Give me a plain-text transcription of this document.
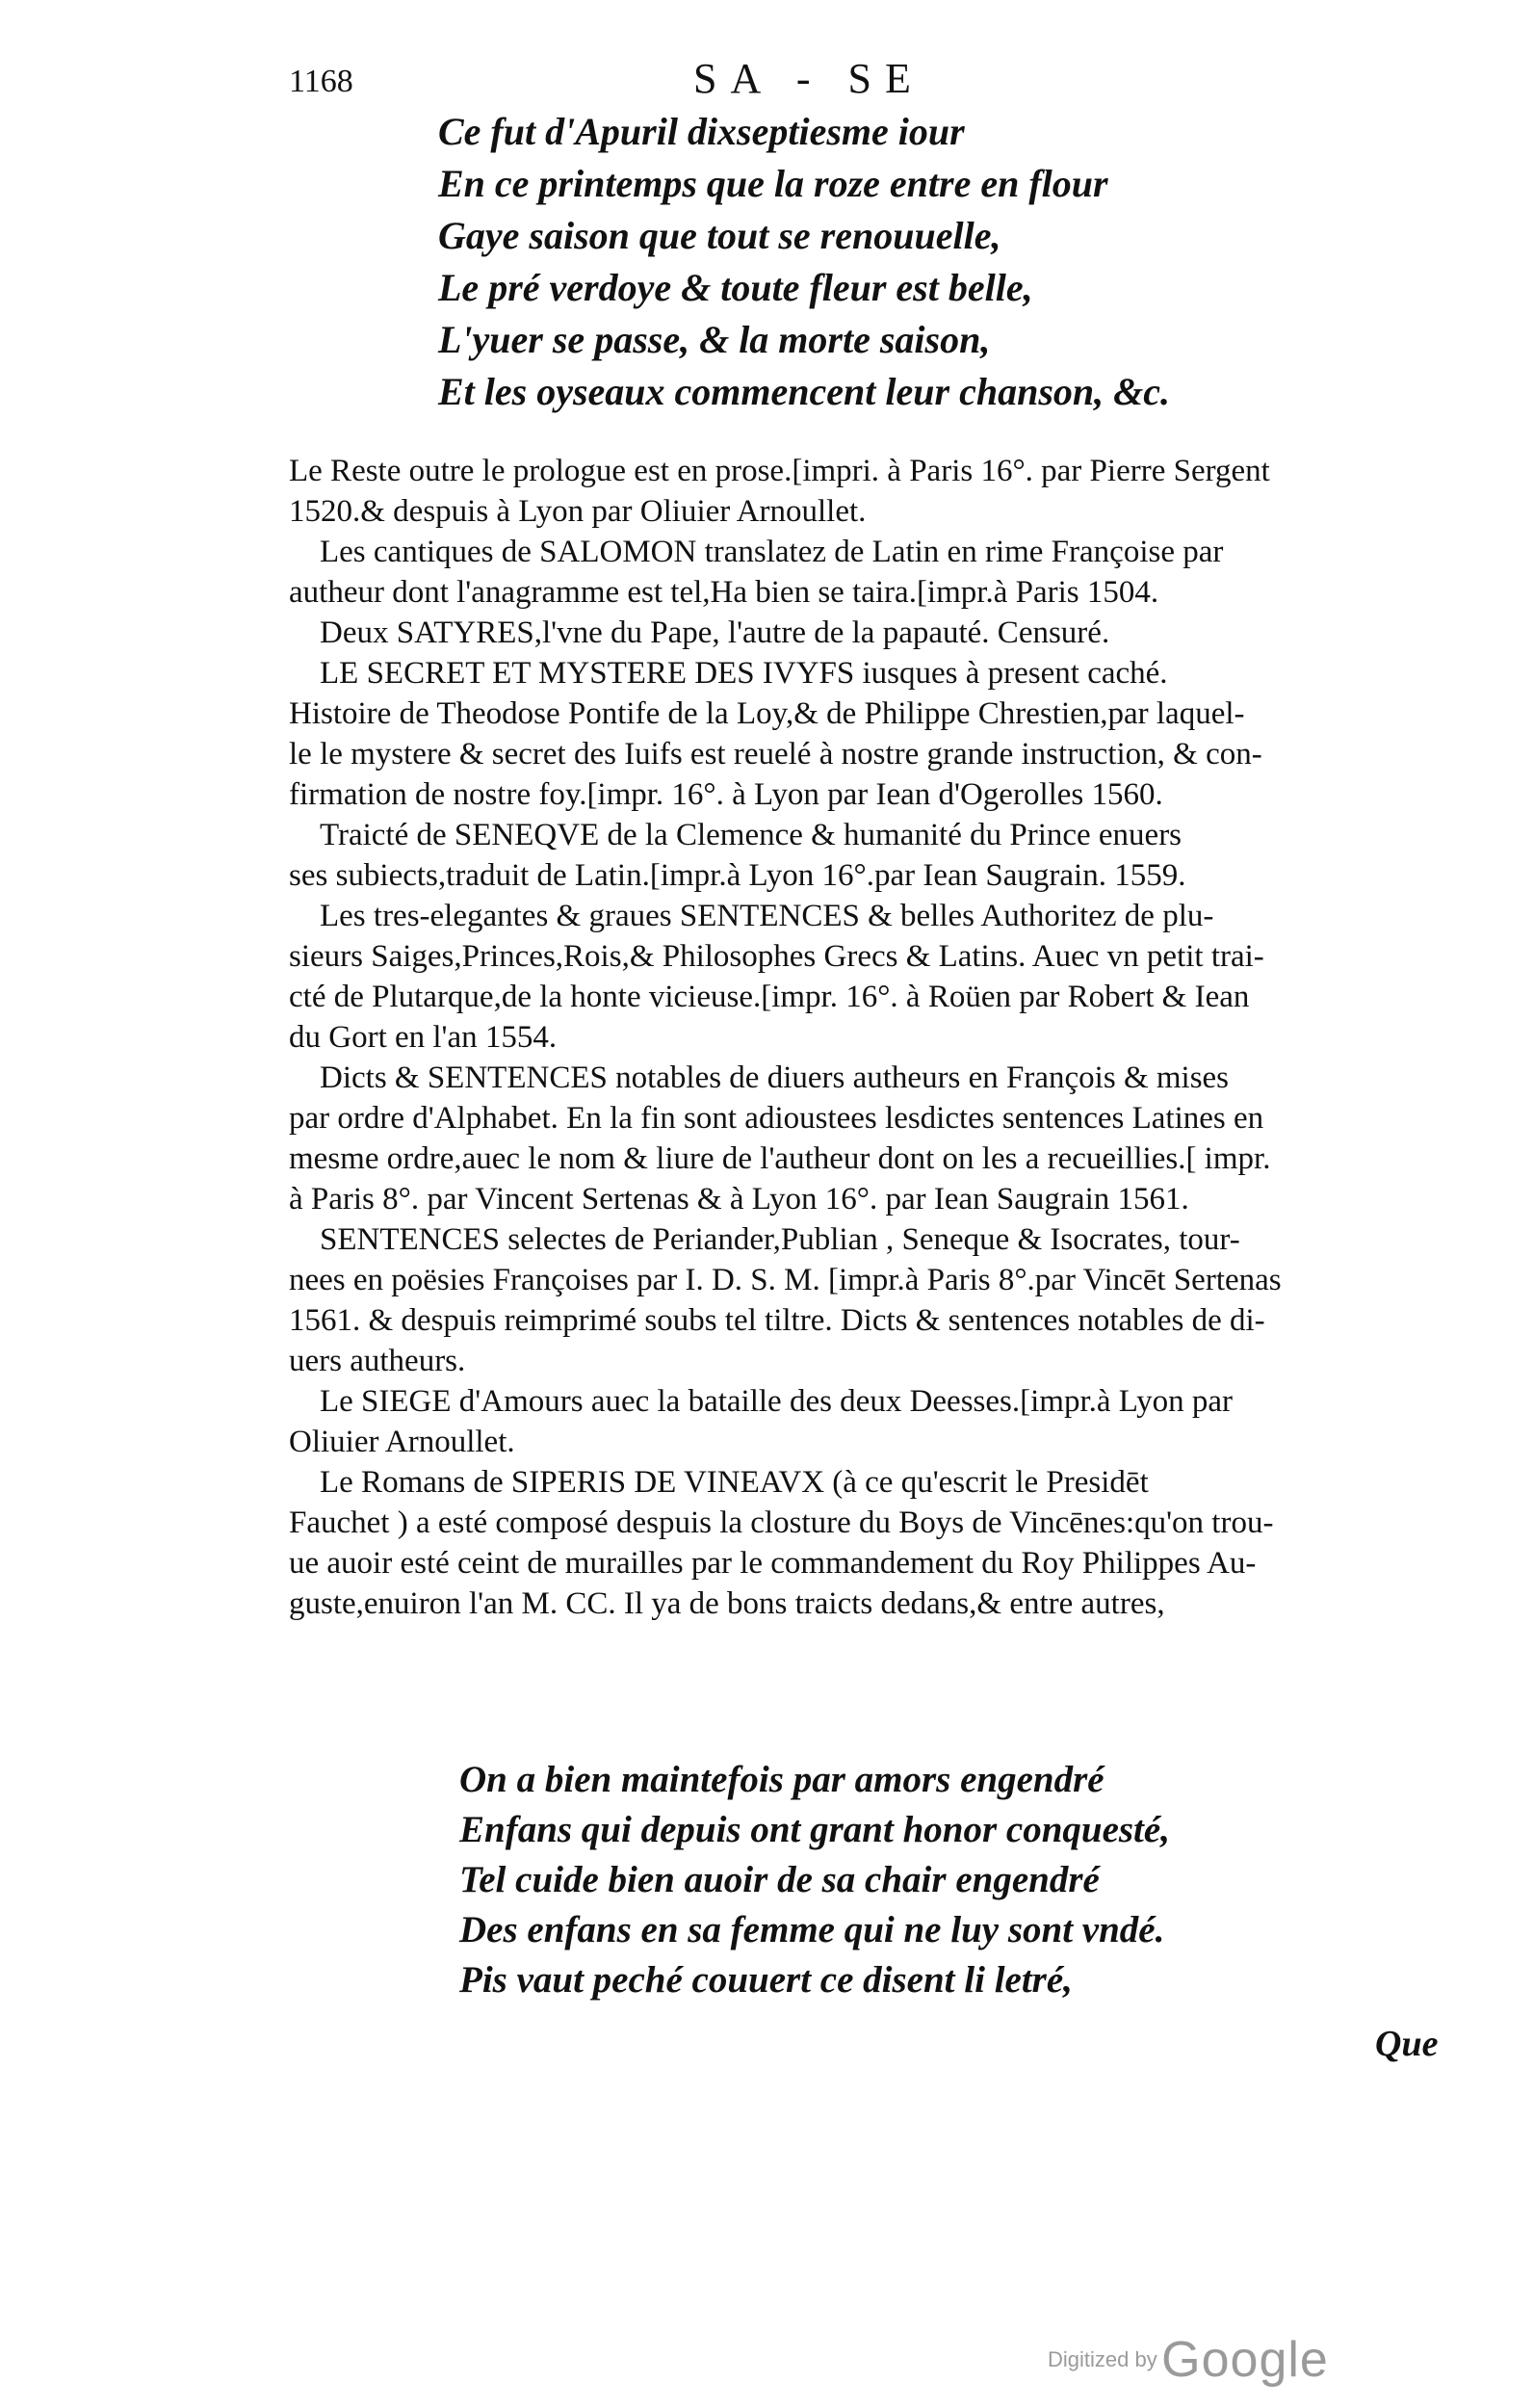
1168	SA - SE
Ce fut d'Apuril dixseptiesme iour
En ce printemps que la roze entre en flour
Gaye saison que tout se renouuelle,
Le pré verdoye & toute fleur est belle,
L'yuer se passe, & la morte saison,
Et les oyseaux commencent leur chanson, &c.

Le Reste outre le prologue est en prose.[impri. à Paris 16°. par Pierre Sergent
1520.& despuis à Lyon par Oliuier Arnoullet.

Les cantiques de SALOMON translatez de Latin en rime Françoise par
autheur dont l'anagramme est tel,Ha bien se taira.[impr.à Paris 1504.

Deux SATYRES,l'vne du Pape, l'autre de la papauté. Censuré.

LE SECRET ET MYSTERE DES IVYFS iusques à present caché.
Histoire de Theodose Pontife de la Loy,& de Philippe Chrestien,par laquel-
le le mystere & secret des Iuifs est reuelé à nostre grande instruction, & con-
firmation de nostre foy.[impr. 16°. à Lyon par Iean d'Ogerolles 1560.

Traicté de SENEQVE de la Clemence & humanité du Prince enuers
ses subiects,traduit de Latin.[impr.à Lyon 16°.par Iean Saugrain. 1559.

Les tres-elegantes & graues SENTENCES & belles Authoritez de plu-
sieurs Saiges,Princes,Rois,& Philosophes Grecs & Latins. Auec vn petit trai-
cté de Plutarque,de la honte vicieuse.[impr. 16°. à Roüen par Robert & Iean
du Gort en l'an 1554.

Dicts & SENTENCES notables de diuers autheurs en François & mises
par ordre d'Alphabet. En la fin sont adioustees lesdictes sentences Latines en
mesme ordre,auec le nom & liure de l'autheur dont on les a recueillies.[ impr.
à Paris 8°. par Vincent Sertenas & à Lyon 16°. par Iean Saugrain 1561.

SENTENCES selectes de Periander,Publian , Seneque & Isocrates, tour-
nees en poësies Françoises par I. D. S. M. [impr.à Paris 8°.par Vincēt Sertenas
1561. & despuis reimprimé soubs tel tiltre. Dicts & sentences notables de di-
uers autheurs.

Le SIEGE d'Amours auec la bataille des deux Deesses.[impr.à Lyon par
Oliuier Arnoullet.

Le Romans de SIPERIS DE VINEAVX (à ce qu'escrit le Presidēt
Fauchet ) a esté composé despuis la closture du Boys de Vincēnes:qu'on trou-
ue auoir esté ceint de murailles par le commandement du Roy Philippes Au-
guste,enuiron l'an M. CC. Il ya de bons traicts dedans,& entre autres,

On a bien maintefois par amors engendré
Enfans qui depuis ont grant honor conquesté,
Tel cuide bien auoir de sa chair engendré
Des enfans en sa femme qui ne luy sont vndé.
Pis vaut peché couuert ce disent li letré,
Que
Digitized by Google
